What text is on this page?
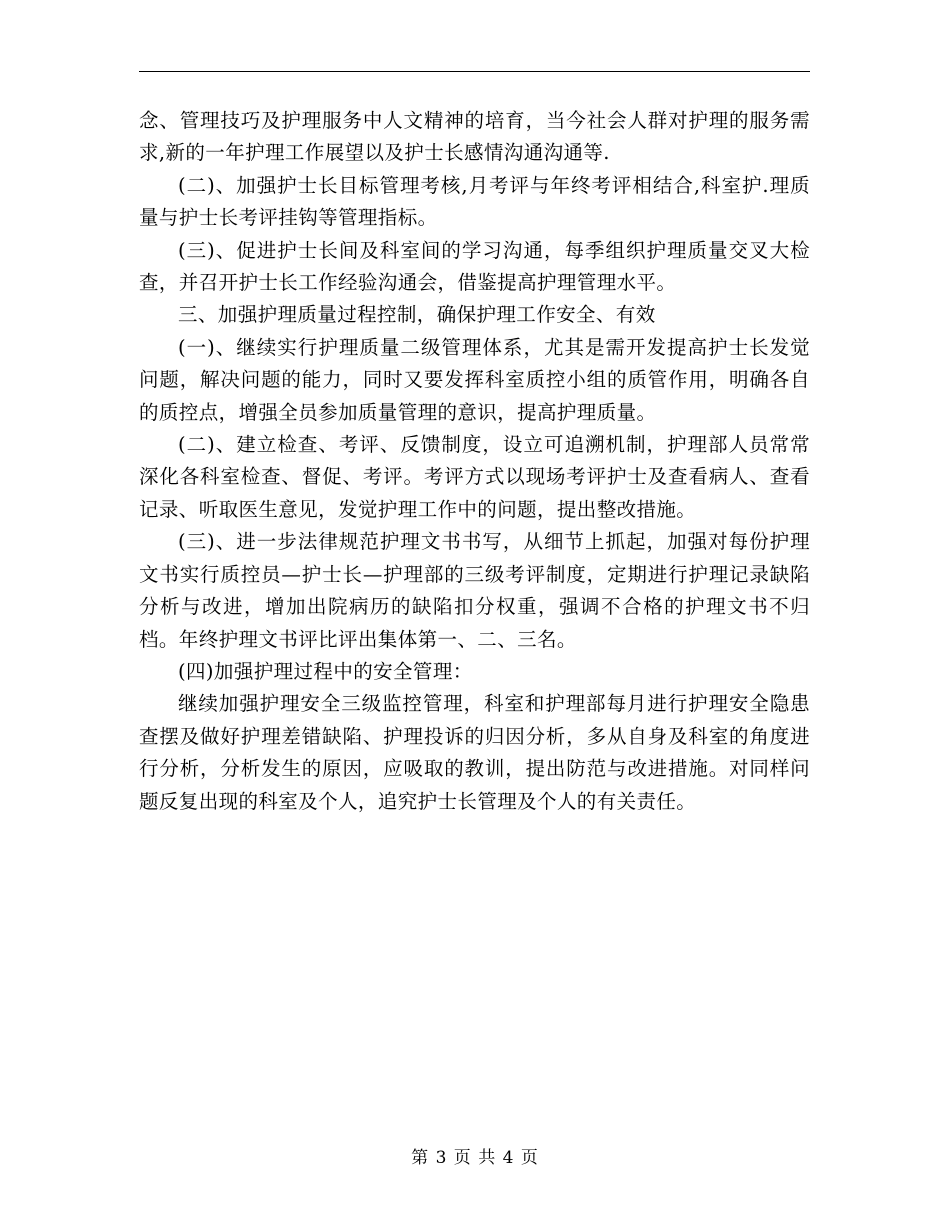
念、管理技巧及护理服务中人文精神的培育，当今社会人群对护理的服务需求,新的一年护理工作展望以及护士长感情沟通沟通等.

(二)、加强护士长目标管理考核,月考评与年终考评相结合,科室护.理质量与护士长考评挂钩等管理指标。

(三)、促进护士长间及科室间的学习沟通，每季组织护理质量交叉大检查，并召开护士长工作经验沟通会，借鉴提高护理管理水平。

三、加强护理质量过程控制，确保护理工作安全、有效

(一)、继续实行护理质量二级管理体系，尤其是需开发提高护士长发觉问题，解决问题的能力，同时又要发挥科室质控小组的质管作用，明确各自的质控点，增强全员参加质量管理的意识，提高护理质量。

(二)、建立检查、考评、反馈制度，设立可追溯机制，护理部人员常常深化各科室检查、督促、考评。考评方式以现场考评护士及查看病人、查看记录、听取医生意见，发觉护理工作中的问题，提出整改措施。

(三)、进一步法律规范护理文书书写，从细节上抓起，加强对每份护理文书实行质控员—护士长—护理部的三级考评制度，定期进行护理记录缺陷分析与改进，增加出院病历的缺陷扣分权重，强调不合格的护理文书不归档。年终护理文书评比评出集体第一、二、三名。

(四)加强护理过程中的安全管理：

继续加强护理安全三级监控管理，科室和护理部每月进行护理安全隐患查摆及做好护理差错缺陷、护理投诉的归因分析，多从自身及科室的角度进行分析，分析发生的原因，应吸取的教训，提出防范与改进措施。对同样问题反复出现的科室及个人，追究护士长管理及个人的有关责任。

第 3 页 共 4 页
